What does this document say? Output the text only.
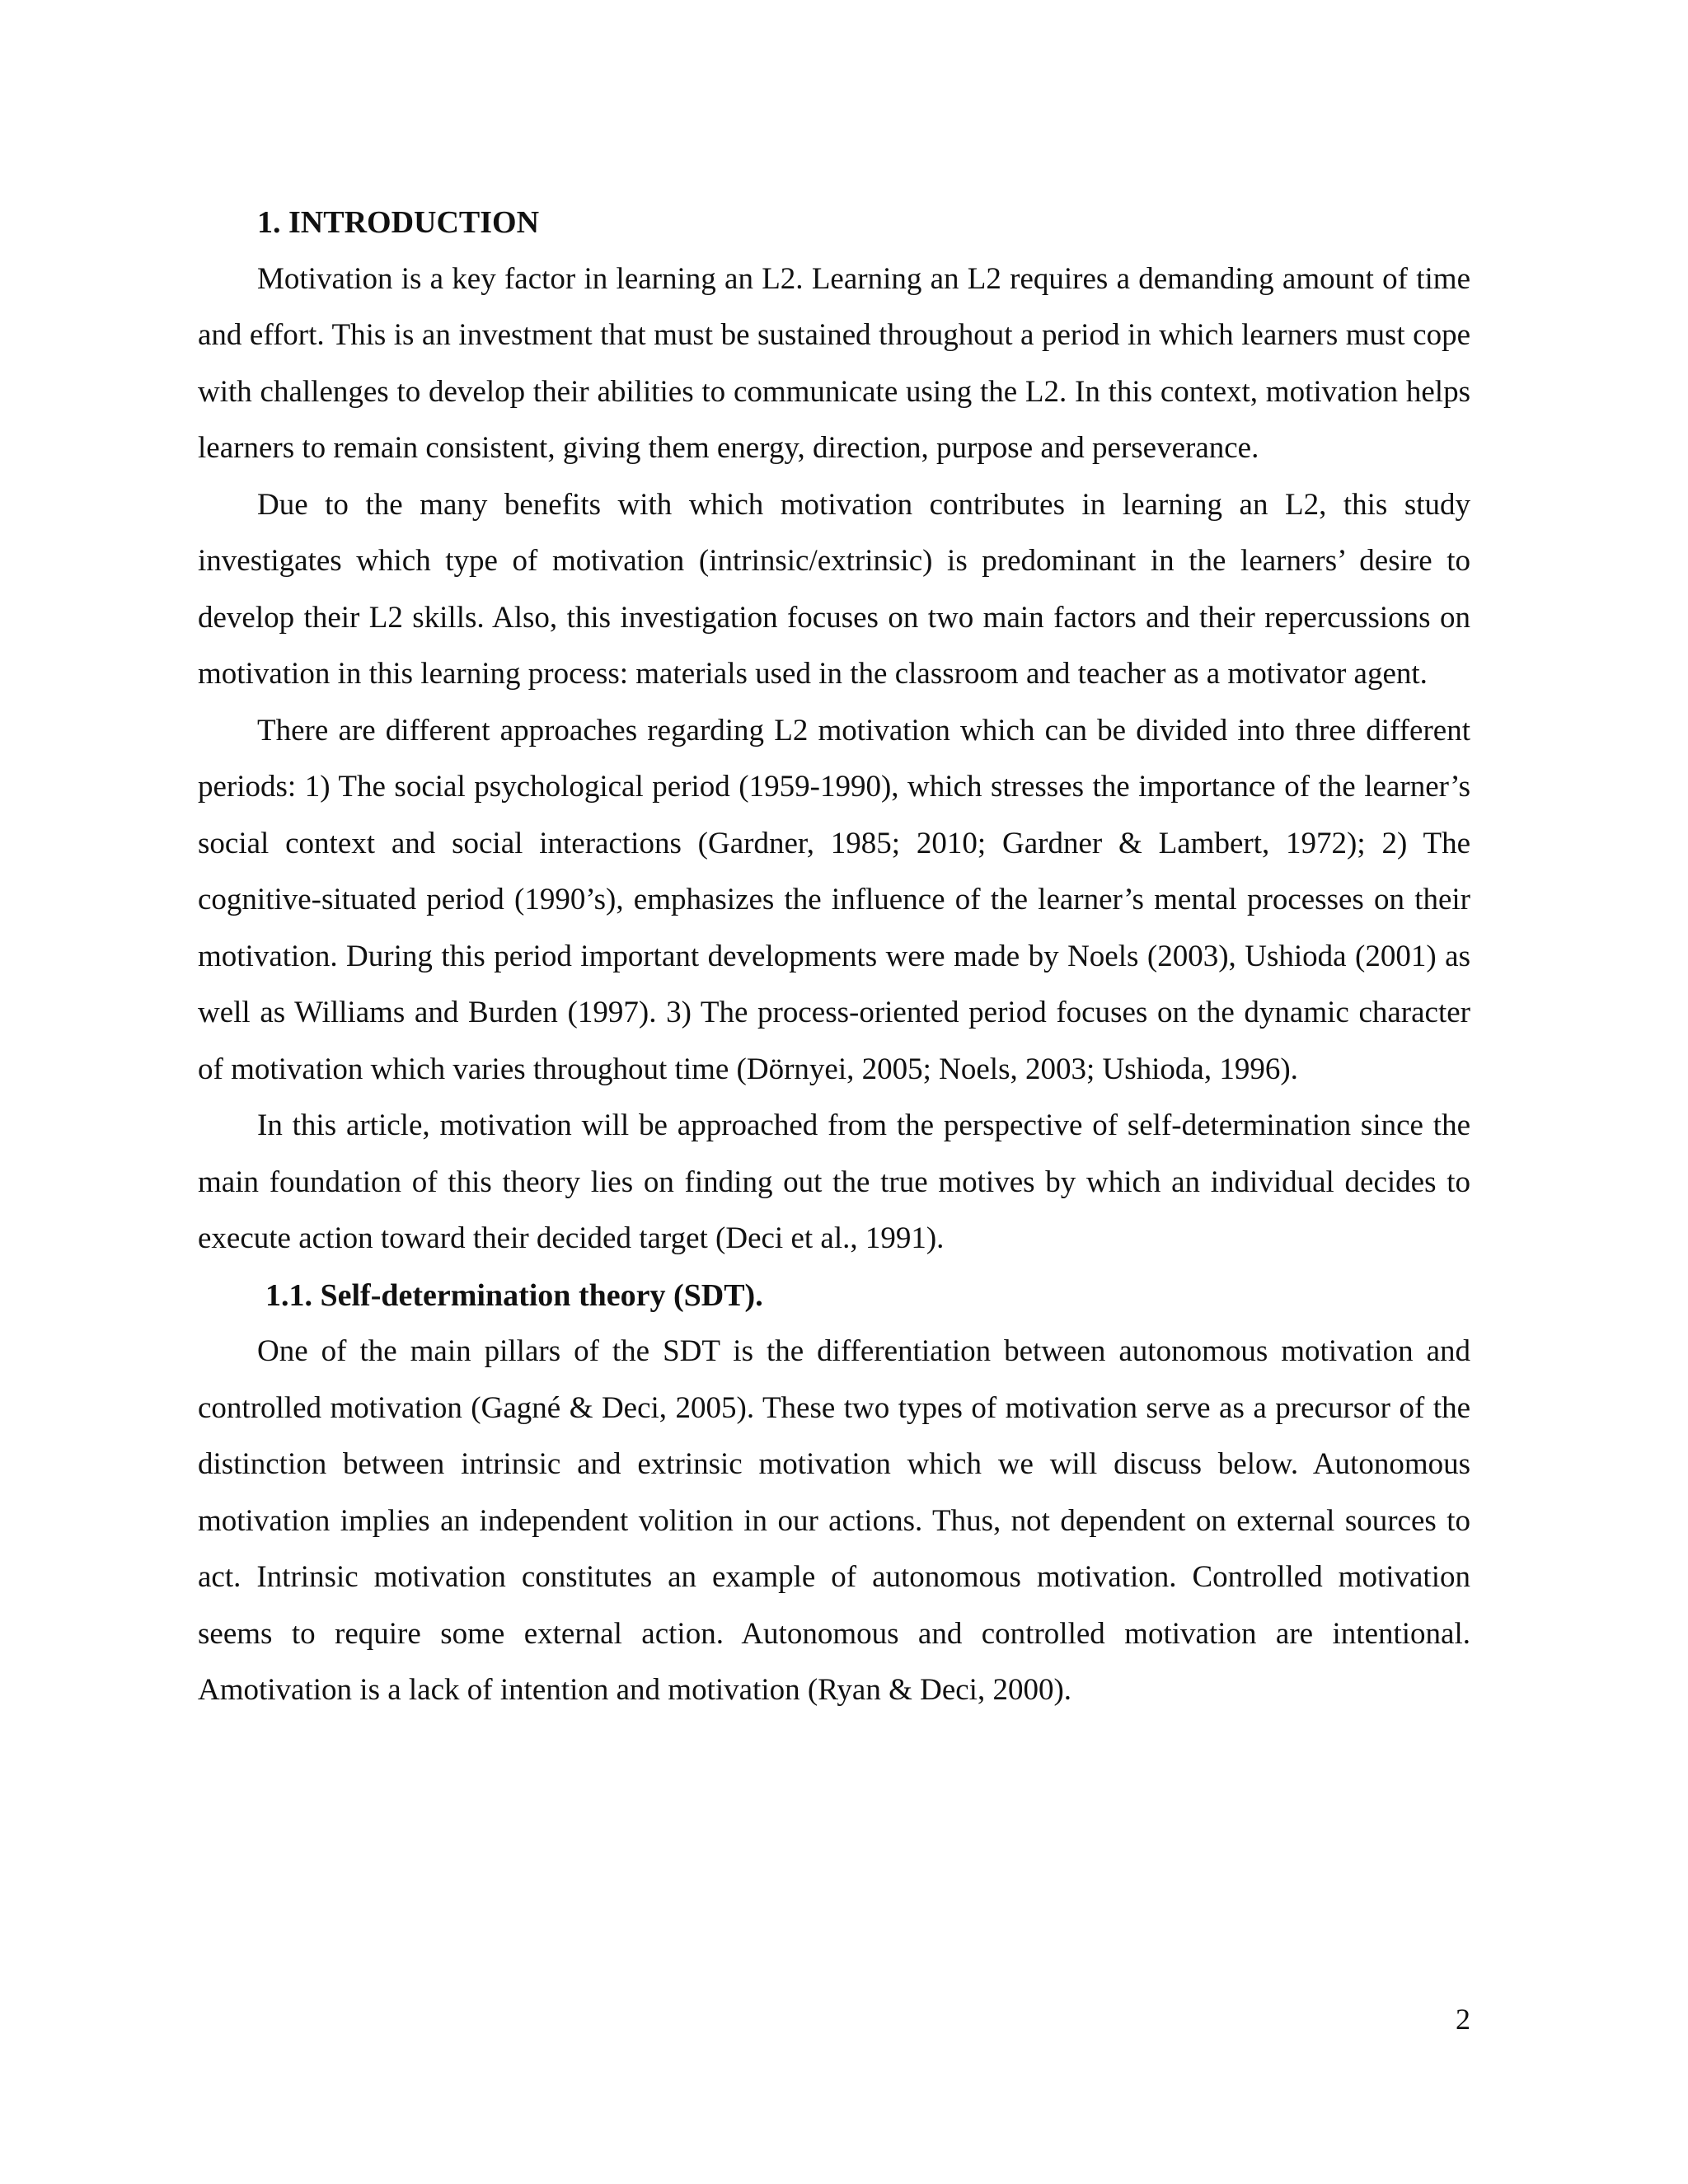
1. INTRODUCTION

Motivation is a key factor in learning an L2. Learning an L2 requires a demanding amount of time and effort. This is an investment that must be sustained throughout a period in which learners must cope with challenges to develop their abilities to communicate using the L2. In this context, motivation helps learners to remain consistent, giving them energy, direction, purpose and perseverance.

Due to the many benefits with which motivation contributes in learning an L2, this study investigates which type of motivation (intrinsic/extrinsic) is predominant in the learners’ desire to develop their L2 skills. Also, this investigation focuses on two main factors and their repercussions on motivation in this learning process: materials used in the classroom and teacher as a motivator agent.

There are different approaches regarding L2 motivation which can be divided into three different periods: 1) The social psychological period (1959-1990), which stresses the importance of the learner’s social context and social interactions (Gardner, 1985; 2010; Gardner & Lambert, 1972); 2) The cognitive-situated period (1990’s), emphasizes the influence of the learner’s mental processes on their motivation. During this period important developments were made by Noels (2003), Ushioda (2001) as well as Williams and Burden (1997). 3) The process-oriented period focuses on the dynamic character of motivation which varies throughout time (Dörnyei, 2005; Noels, 2003; Ushioda, 1996).

In this article, motivation will be approached from the perspective of self-determination since the main foundation of this theory lies on finding out the true motives by which an individual decides to execute action toward their decided target (Deci et al., 1991).

1.1. Self-determination theory (SDT).

One of the main pillars of the SDT is the differentiation between autonomous motivation and controlled motivation (Gagné & Deci, 2005). These two types of motivation serve as a precursor of the distinction between intrinsic and extrinsic motivation which we will discuss below. Autonomous motivation implies an independent volition in our actions. Thus, not dependent on external sources to act. Intrinsic motivation constitutes an example of autonomous motivation. Controlled motivation seems to require some external action. Autonomous and controlled motivation are intentional. Amotivation is a lack of intention and motivation (Ryan & Deci, 2000).

2
